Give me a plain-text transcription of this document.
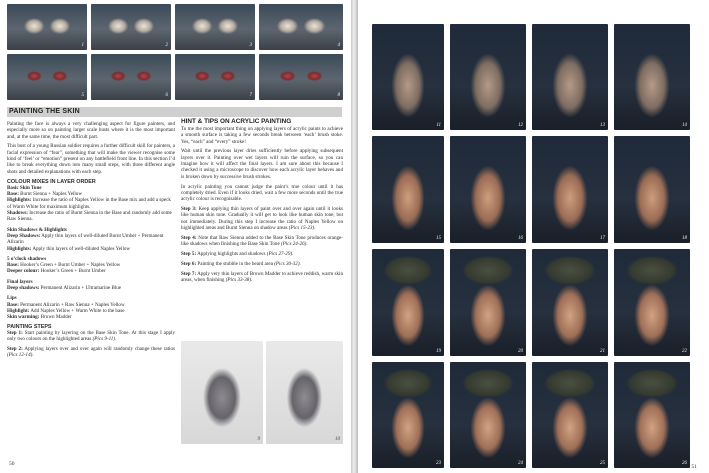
1	2	3	4
5	6	7	8
PAINTING THE SKIN
HINT & TIPS ON ACRYLIC PAINTING

Painting the face is always a very challenging aspect for figure painters, and especially more so on painting larger scale busts where it is the most important and, at the same time, the most difficult part.

This bust of a young Russian soldier requires a further difficult skill for painters, a facial expression of “fear”, something that will make the viewer recognise some kind of ‘feel’ or “emotion” present on any battlefield front line. In this section I’d like to break everything down into many small steps, with three different angle shots and detailed explanations with each step.

COLOUR MIXES IN LAYER ORDER
Basic Skin Tone
Base: Burnt Sienna + Naples Yellow
Highlights: Increase the ratio of Naples Yellow in the Base mix and add a speck of Warm White for maximum highlights.
Shadows: Increase the ratio of Burnt Sienna in the Base and randomly add some Raw Sienna.
Skin Shadows & Highlights
Deep Shadows: Apply thin layers of well-diluted Burnt Umber + Permanent Alizarin
Highlights: Apply thin layers of well-diluted Naples Yellow
5 o’clock shadows
Base: Hooker’s Green + Burnt Umber + Naples Yellow
Deeper colour: Hooker’s Green + Burnt Umber
Final layers
Deep shadows: Permanent Alizarin + Ultramarine Blue
Lips
Base: Permanent Alizarin + Raw Sienna + Naples Yellow
Highlight: Add Naples Yellow + Warm White to the base
Skin warming: Brown Madder
PAINTING STEPS

Step 1: Start painting by layering on the Base Skin Tone. At this stage I apply only two colours on the highlighted areas (Pics 9-11).

Step 2: Applying layers over and over again will randomly change these ratios (Pics 12-14).

To me the most important thing on applying layers of acrylic paints to achieve a smooth surface is taking a few seconds break between ‘each’ brush stoke. Yes, “each” and “every” stroke!

Wait until the previous layer dries sufficiently before applying subsequent layers over it. Painting over wet layers will ruin the surface, so you can imagine how it will affect the final layers. I am sure about this because I checked it using a microscope to discover how each acrylic layer behaves and is broken down by successive brush strokes.

In acrylic painting you cannot judge the paint’s true colour until it has completely dried. Even if it looks dried, wait a few more seconds until the true acrylic colour is recognisable.

Step 3: Keep applying thin layers of paint over and over again until it looks like human skin tone. Gradually it will get to look like human skin tone, but not immediately. During this step I increase the ratio of Naples Yellow on highlighted areas and Burnt Sienna on shadow areas (Pics 15-23).

Step 4: Note that Raw Sienna added to the Base Skin Tone produces orange-like shadows when finishing the Base Skin Tone (Pics 24-26).

Step 5: Applying highlights and shadows (Pics 27-29).

Step 6: Painting the stubble in the beard area (Pics 30-32).

Step 7: Apply very thin layers of Brown Madder to achieve reddish, warm skin areas, when finishing (Pics 33-38).

9	10
50
11	12	13	14
15	16	17	18
19	20	21	22
23	24	25	26
51
